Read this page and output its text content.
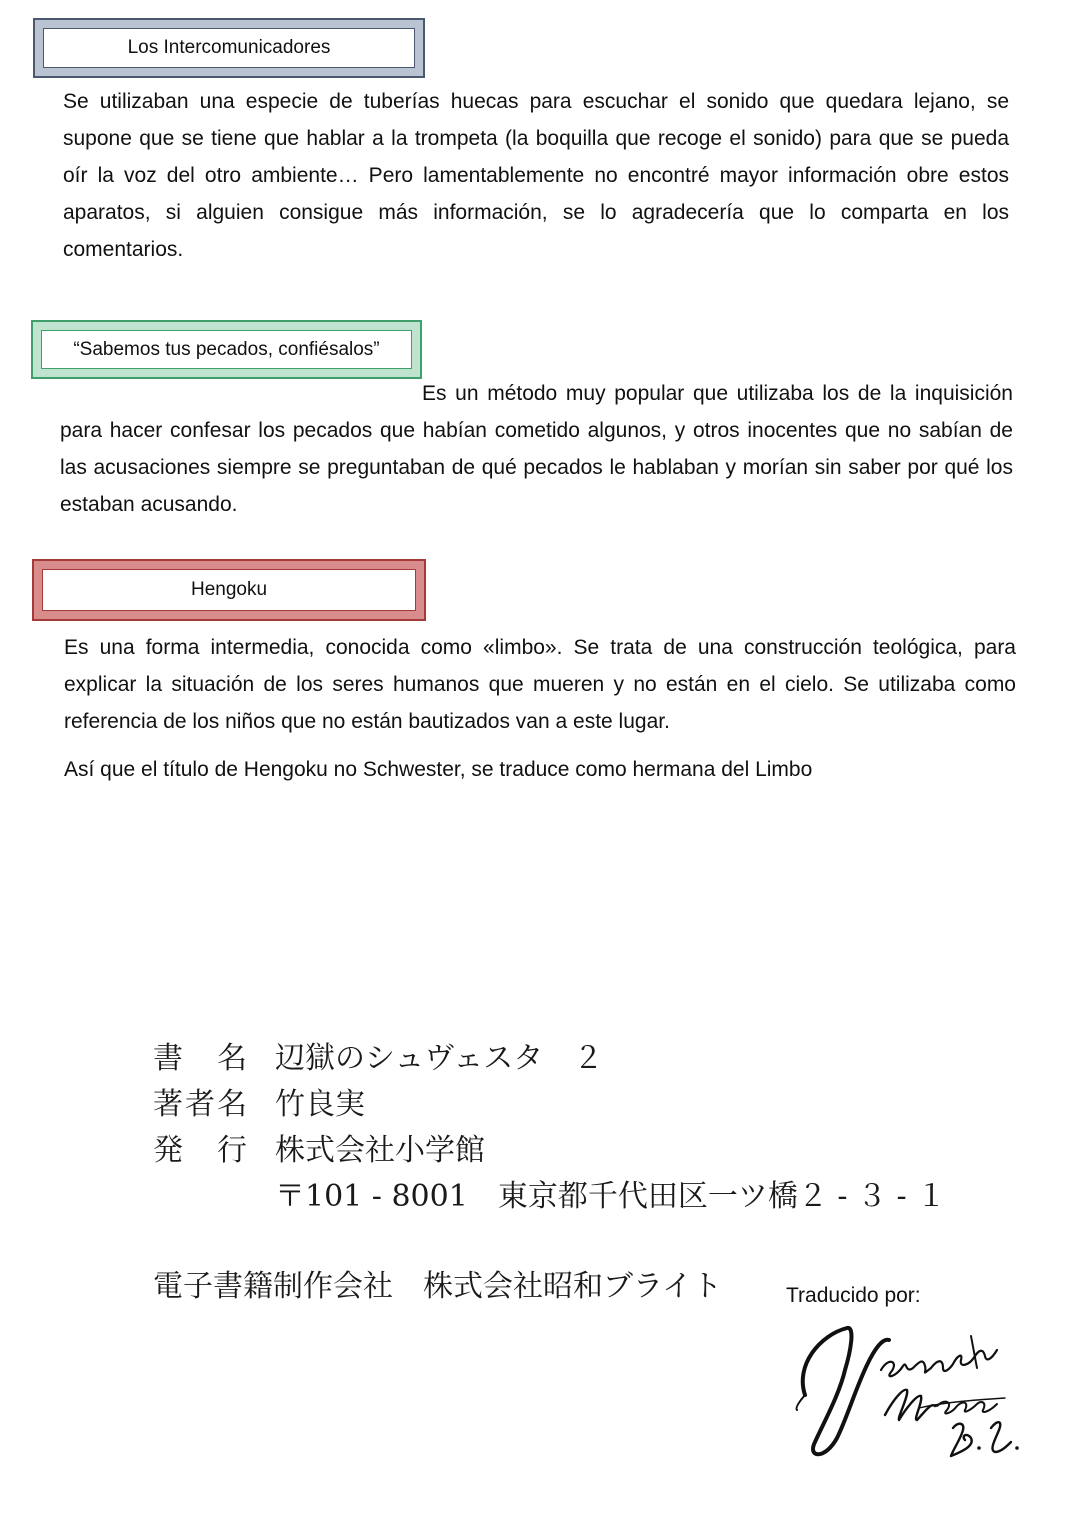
Los Intercomunicadores

Se utilizaban una especie de tuberías huecas para escuchar el sonido que quedara lejano, se supone que se tiene que hablar a la trompeta (la boquilla que recoge el sonido) para que se pueda oír la voz del otro ambiente… Pero lamentablemente no encontré mayor información obre estos aparatos, si alguien consigue más información, se lo agradecería que lo comparta en los comentarios.

“Sabemos tus pecados, confiésalos”

Es un método muy popular que utilizaba los de la inquisición para hacer confesar los pecados que habían cometido algunos, y otros inocentes que no sabían de las acusaciones siempre se preguntaban de qué pecados le hablaban y morían sin saber por qué los estaban acusando.

Hengoku

Es una forma intermedia, conocida como «limbo». Se trata de una construcción teológica, para explicar la situación de los seres humanos que mueren y no están en el cielo. Se utilizaba como referencia de los niños que no están bautizados van a este lugar.

Así que el título de Hengoku no Schwester, se traduce como hermana del Limbo

書　名 辺獄のシュヴェスタ　２
著者名 竹良実
発　行 株式会社小学館
〒101 - 8001　東京都千代田区一ツ橋２ - ３ - １
電子書籍制作会社　株式会社昭和ブライト	Traducido por:
